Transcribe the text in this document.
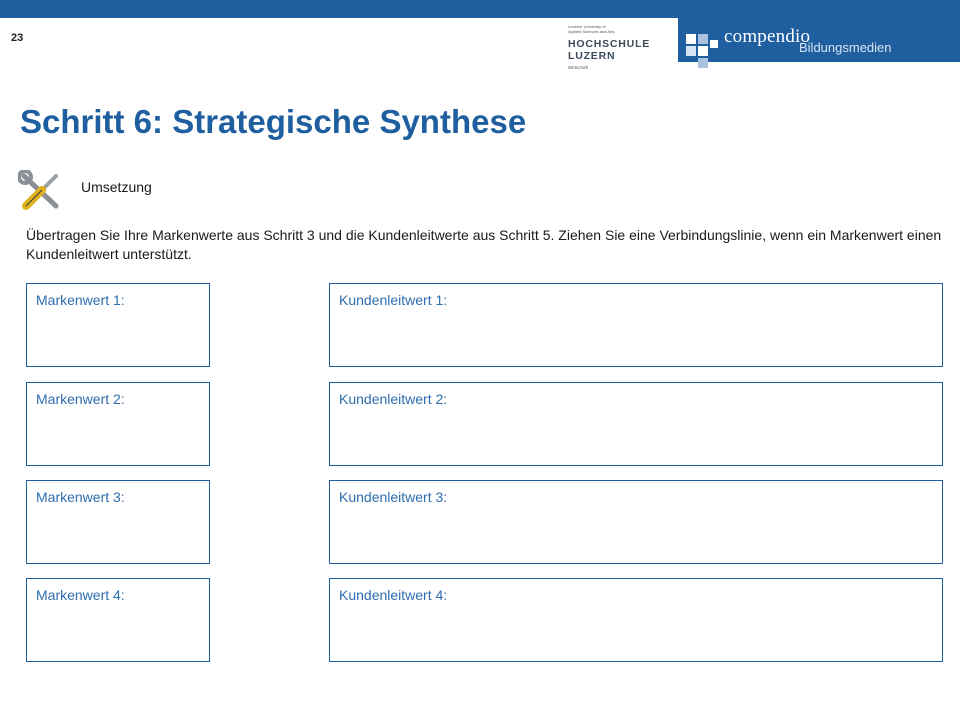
23
Lucerne University of
Applied Sciences and Arts
HOCHSCHULE
LUZERN
Wirtschaft
compendio
Bildungsmedien
Schritt 6: Strategische Synthese
Umsetzung

Übertragen Sie Ihre Markenwerte aus Schritt 3 und die Kundenleitwerte aus Schritt 5. Ziehen Sie eine Verbindungslinie, wenn ein Markenwert einen Kundenleitwert unterstützt.

Markenwert 1:	Kundenleitwert 1:
Markenwert 2:	Kundenleitwert 2:
Markenwert 3:	Kundenleitwert 3:
Markenwert 4:	Kundenleitwert 4:
